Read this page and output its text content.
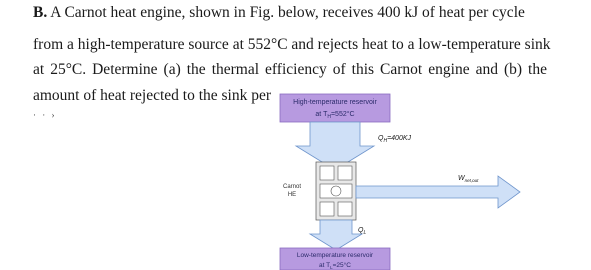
B. A Carnot heat engine, shown in Fig. below, receives 400 kJ of heat per cycle
from a high-temperature source at 552°C and rejects heat to a low-temperature sink
at 25°C. Determine (a) the thermal efficiency of this Carnot engine and (b) the
amount of heat rejected to the sink per
· · ›
High-temperature reservoir
at $T_H=552^\circ C$
$Q_H=400KJ$
Carnot
HE
$W_{net,out}$
$Q_L$
Low-temperature reservoir
at $T_L=25^\circ C$
